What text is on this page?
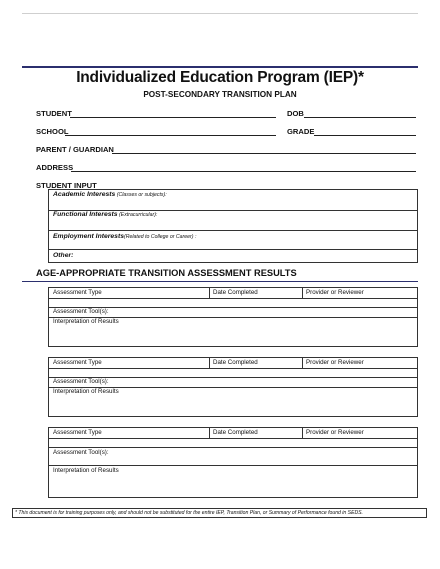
Individualized Education Program (IEP)*
POST-SECONDARY TRANSITION PLAN
STUDENT	DOB
SCHOOL	GRADE
PARENT / GUARDIAN
ADDRESS
STUDENT INPUT
Academic Interests (Classes or subjects):
Functional Interests (Extracurricular):
Employment Interests(Related to College or Career) :
Other:
AGE-APPROPRIATE TRANSITION ASSESSMENT RESULTS
Assessment Type	Date Completed	Provider or Reviewer
Assessment Tool(s):
Interpretation of Results
Assessment Type	Date Completed	Provider or Reviewer
Assessment Tool(s):
Interpretation of Results
Assessment Type	Date Completed	Provider or Reviewer
Assessment Tool(s):
Interpretation of Results
* This document is for training purposes only, and should not be substituted for the entire IEP, Transition Plan, or Summary of Performance found in SEDS.
